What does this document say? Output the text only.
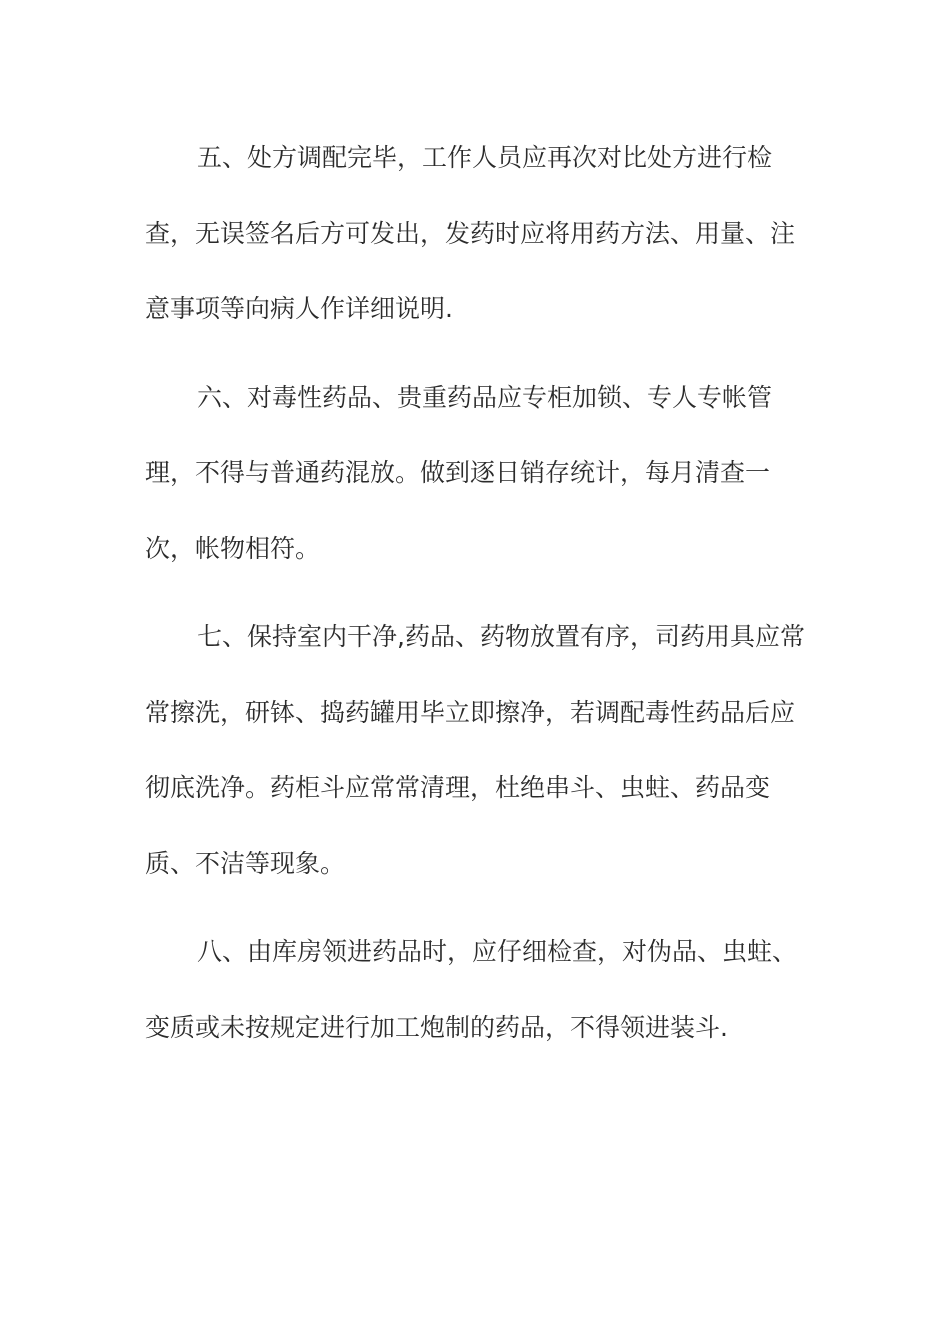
五、处方调配完毕，工作人员应再次对比处方进行检查，无误签名后方可发出，发药时应将用药方法、用量、注意事项等向病人作详细说明.

六、对毒性药品、贵重药品应专柜加锁、专人专帐管理，不得与普通药混放。做到逐日销存统计，每月清查一次，帐物相符。

七、保持室内干净,药品、药物放置有序，司药用具应常常擦洗，研钵、捣药罐用毕立即擦净，若调配毒性药品后应彻底洗净。药柜斗应常常清理，杜绝串斗、虫蛀、药品变质、不洁等现象。

八、由库房领进药品时，应仔细检查，对伪品、虫蛀、变质或未按规定进行加工炮制的药品，不得领进装斗.
